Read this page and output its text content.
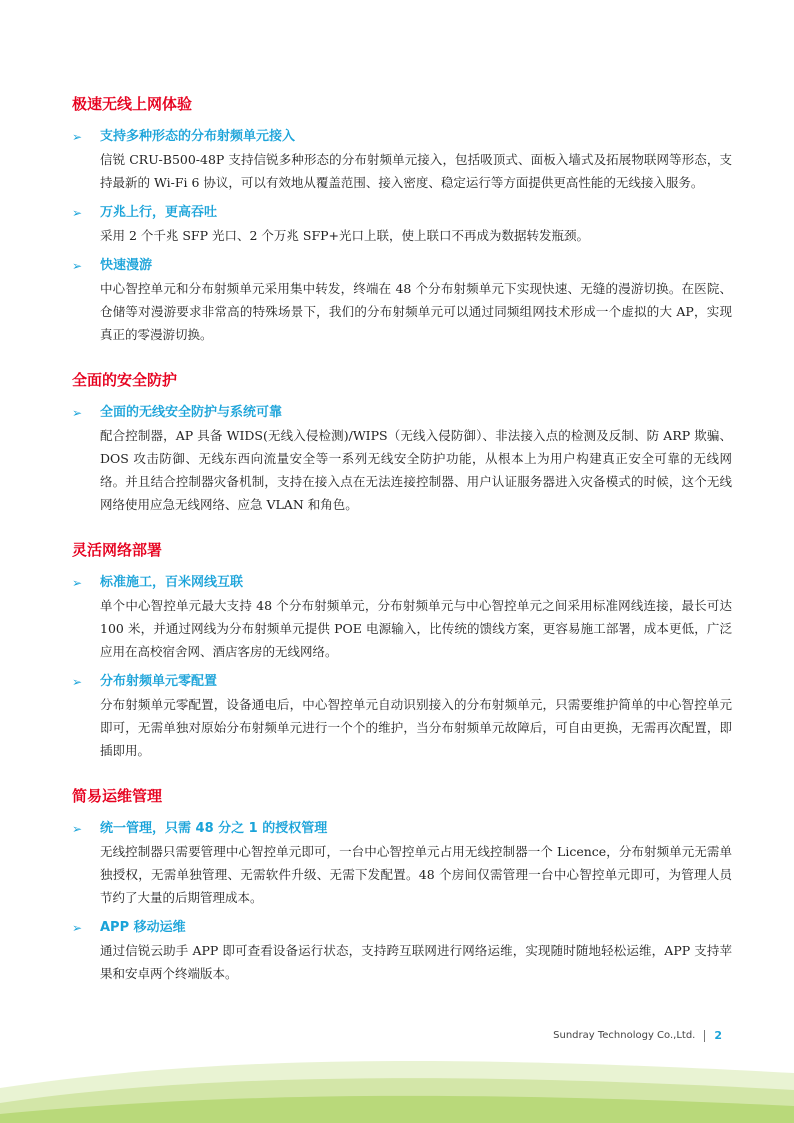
极速无线上网体验
➢	支持多种形态的分布射频单元接入
信锐 CRU-B500-48P 支持信锐多种形态的分布射频单元接入，包括吸顶式、面板入墙式及拓展物联网等形态，支持最新的 Wi-Fi 6 协议，可以有效地从覆盖范围、接入密度、稳定运行等方面提供更高性能的无线接入服务。
➢	万兆上行，更高吞吐
采用 2 个千兆 SFP 光口、2 个万兆 SFP+光口上联，使上联口不再成为数据转发瓶颈。
➢	快速漫游
中心智控单元和分布射频单元采用集中转发，终端在 48 个分布射频单元下实现快速、无缝的漫游切换。在医院、仓储等对漫游要求非常高的特殊场景下，我们的分布射频单元可以通过同频组网技术形成一个虚拟的大 AP，实现真正的零漫游切换。
全面的安全防护
➢	全面的无线安全防护与系统可靠
配合控制器，AP 具备 WIDS(无线入侵检测)/WIPS（无线入侵防御）、非法接入点的检测及反制、防 ARP 欺骗、DOS 攻击防御、无线东西向流量安全等一系列无线安全防护功能，从根本上为用户构建真正安全可靠的无线网络。并且结合控制器灾备机制，支持在接入点在无法连接控制器、用户认证服务器进入灾备模式的时候，这个无线网络使用应急无线网络、应急 VLAN 和角色。
灵活网络部署
➢	标准施工，百米网线互联
单个中心智控单元最大支持 48 个分布射频单元，分布射频单元与中心智控单元之间采用标准网线连接，最长可达 100 米，并通过网线为分布射频单元提供 POE 电源输入，比传统的馈线方案，更容易施工部署，成本更低，广泛应用在高校宿舍网、酒店客房的无线网络。
➢	分布射频单元零配置
分布射频单元零配置，设备通电后，中心智控单元自动识别接入的分布射频单元，只需要维护简单的中心智控单元即可，无需单独对原始分布射频单元进行一个个的维护，当分布射频单元故障后，可自由更换，无需再次配置，即插即用。
简易运维管理
➢	统一管理，只需 48 分之 1 的授权管理
无线控制器只需要管理中心智控单元即可，一台中心智控单元占用无线控制器一个 Licence，分布射频单元无需单独授权，无需单独管理、无需软件升级、无需下发配置。48 个房间仅需管理一台中心智控单元即可，为管理人员节约了大量的后期管理成本。
➢	APP 移动运维
通过信锐云助手 APP 即可查看设备运行状态，支持跨互联网进行网络运维，实现随时随地轻松运维，APP 支持苹果和安卓两个终端版本。
Sundray Technology Co.,Ltd. 2
